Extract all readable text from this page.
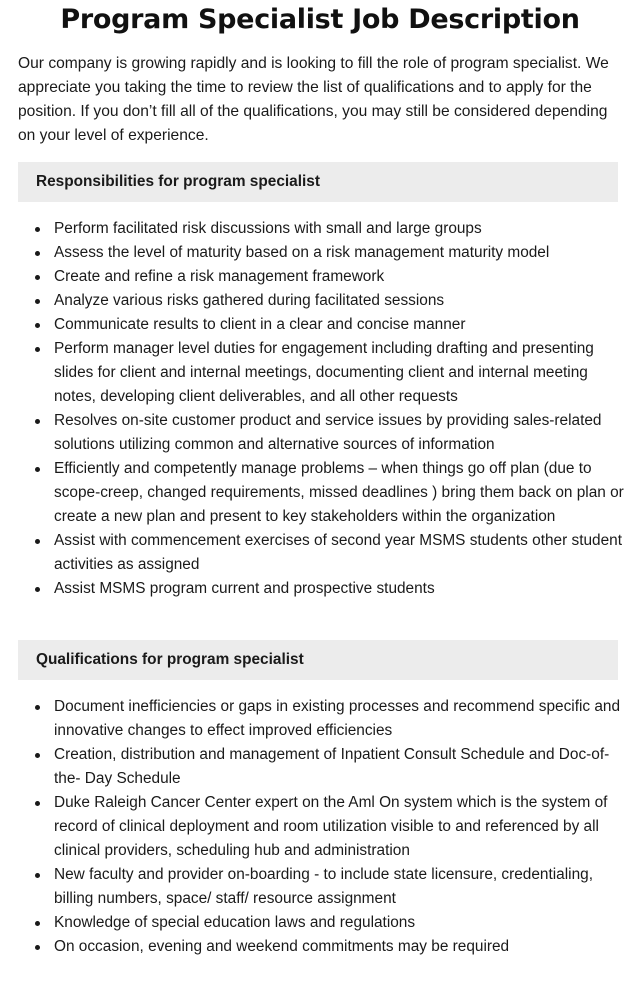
Program Specialist Job Description

Our company is growing rapidly and is looking to fill the role of program specialist. We appreciate you taking the time to review the list of qualifications and to apply for the position. If you don’t fill all of the qualifications, you may still be considered depending on your level of experience.

Responsibilities for program specialist
Perform facilitated risk discussions with small and large groups
Assess the level of maturity based on a risk management maturity model
Create and refine a risk management framework
Analyze various risks gathered during facilitated sessions
Communicate results to client in a clear and concise manner
Perform manager level duties for engagement including drafting and presenting slides for client and internal meetings, documenting client and internal meeting notes, developing client deliverables, and all other requests
Resolves on-site customer product and service issues by providing sales-related solutions utilizing common and alternative sources of information
Efficiently and competently manage problems – when things go off plan (due to scope-creep, changed requirements, missed deadlines ) bring them back on plan or create a new plan and present to key stakeholders within the organization
Assist with commencement exercises of second year MSMS students other student activities as assigned
Assist MSMS program current and prospective students
Qualifications for program specialist
Document inefficiencies or gaps in existing processes and recommend specific and innovative changes to effect improved efficiencies
Creation, distribution and management of Inpatient Consult Schedule and Doc-of-the- Day Schedule
Duke Raleigh Cancer Center expert on the Aml On system which is the system of record of clinical deployment and room utilization visible to and referenced by all clinical providers, scheduling hub and administration
New faculty and provider on-boarding - to include state licensure, credentialing, billing numbers, space/ staff/ resource assignment
Knowledge of special education laws and regulations
On occasion, evening and weekend commitments may be required
